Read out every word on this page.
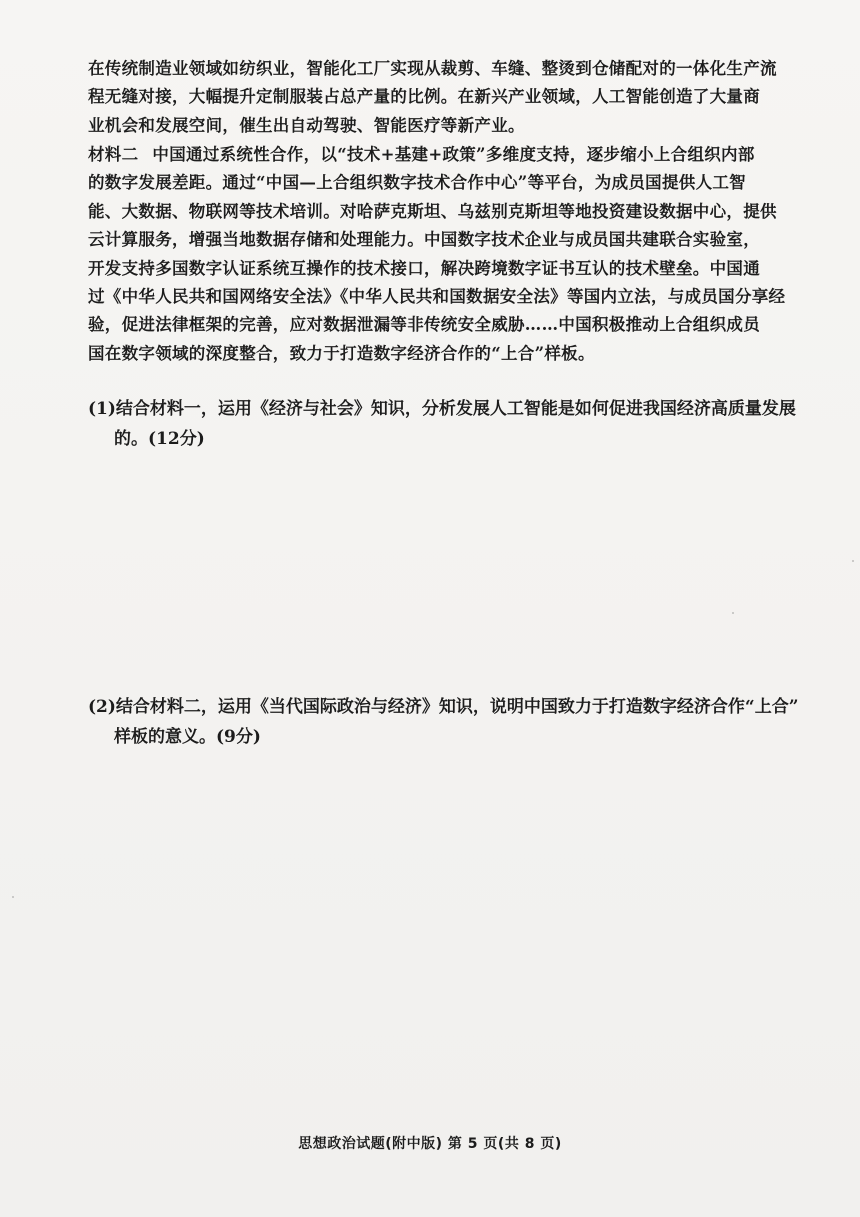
在传统制造业领域如纺织业，智能化工厂实现从裁剪、车缝、整烫到仓储配对的一体化生产流
程无缝对接，大幅提升定制服装占总产量的比例。在新兴产业领域，人工智能创造了大量商
业机会和发展空间，催生出自动驾驶、智能医疗等新产业。
材料二 中国通过系统性合作，以“技术+基建+政策”多维度支持，逐步缩小上合组织内部
的数字发展差距。通过“中国—上合组织数字技术合作中心”等平台，为成员国提供人工智
能、大数据、物联网等技术培训。对哈萨克斯坦、乌兹别克斯坦等地投资建设数据中心，提供
云计算服务，增强当地数据存储和处理能力。中国数字技术企业与成员国共建联合实验室，
开发支持多国数字认证系统互操作的技术接口，解决跨境数字证书互认的技术壁垒。中国通
过《中华人民共和国网络安全法》《中华人民共和国数据安全法》等国内立法，与成员国分享经
验，促进法律框架的完善，应对数据泄漏等非传统安全威胁……中国积极推动上合组织成员
国在数字领域的深度整合，致力于打造数字经济合作的“上合”样板。
(1)结合材料一，运用《经济与社会》知识，分析发展人工智能是如何促进我国经济高质量发展
的。(12分)
(2)结合材料二，运用《当代国际政治与经济》知识，说明中国致力于打造数字经济合作“上合”
样板的意义。(9分)
思想政治试题(附中版) 第 5 页(共 8 页)
